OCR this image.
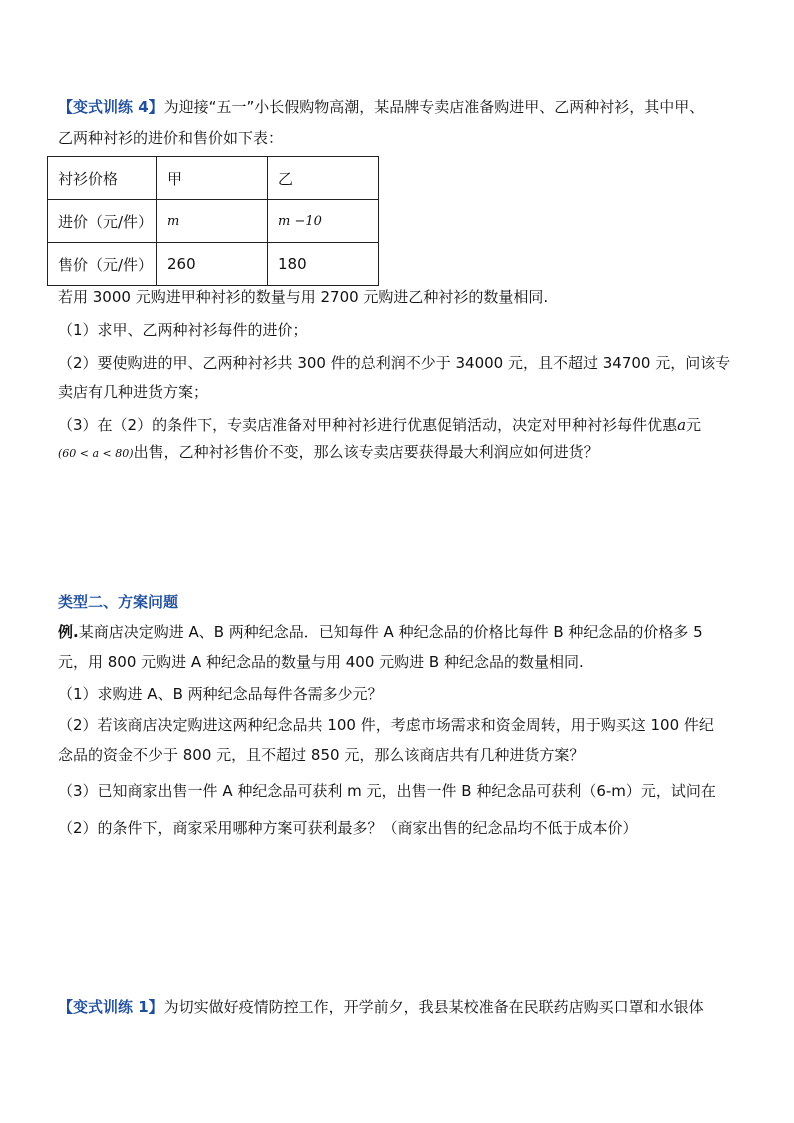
【变式训练 4】为迎接“五一”小长假购物高潮，某品牌专卖店准备购进甲、乙两种衬衫，其中甲、
乙两种衬衫的进价和售价如下表：
衬衫价格	甲	乙
进价（元/件）	m	m −10
售价（元/件）	260	180
若用 3000 元购进甲种衬衫的数量与用 2700 元购进乙种衬衫的数量相同.
（1）求甲、乙两种衬衫每件的进价；
（2）要使购进的甲、乙两种衬衫共 300 件的总利润不少于 34000 元，且不超过 34700 元，问该专
卖店有几种进货方案；
（3）在（2）的条件下，专卖店准备对甲种衬衫进行优惠促销活动，决定对甲种衬衫每件优惠a元
(60 < a < 80)出售，乙种衬衫售价不变，那么该专卖店要获得最大利润应如何进货？
类型二、方案问题
例.某商店决定购进 A、B 两种纪念品．已知每件 A 种纪念品的价格比每件 B 种纪念品的价格多 5
元，用 800 元购进 A 种纪念品的数量与用 400 元购进 B 种纪念品的数量相同.
（1）求购进 A、B 两种纪念品每件各需多少元？
（2）若该商店决定购进这两种纪念品共 100 件，考虑市场需求和资金周转，用于购买这 100 件纪
念品的资金不少于 800 元，且不超过 850 元，那么该商店共有几种进货方案？
（3）已知商家出售一件 A 种纪念品可获利 m 元，出售一件 B 种纪念品可获利（6-m）元，试问在
（2）的条件下，商家采用哪种方案可获利最多？（商家出售的纪念品均不低于成本价）
【变式训练 1】为切实做好疫情防控工作，开学前夕，我县某校准备在民联药店购买口罩和水银体
